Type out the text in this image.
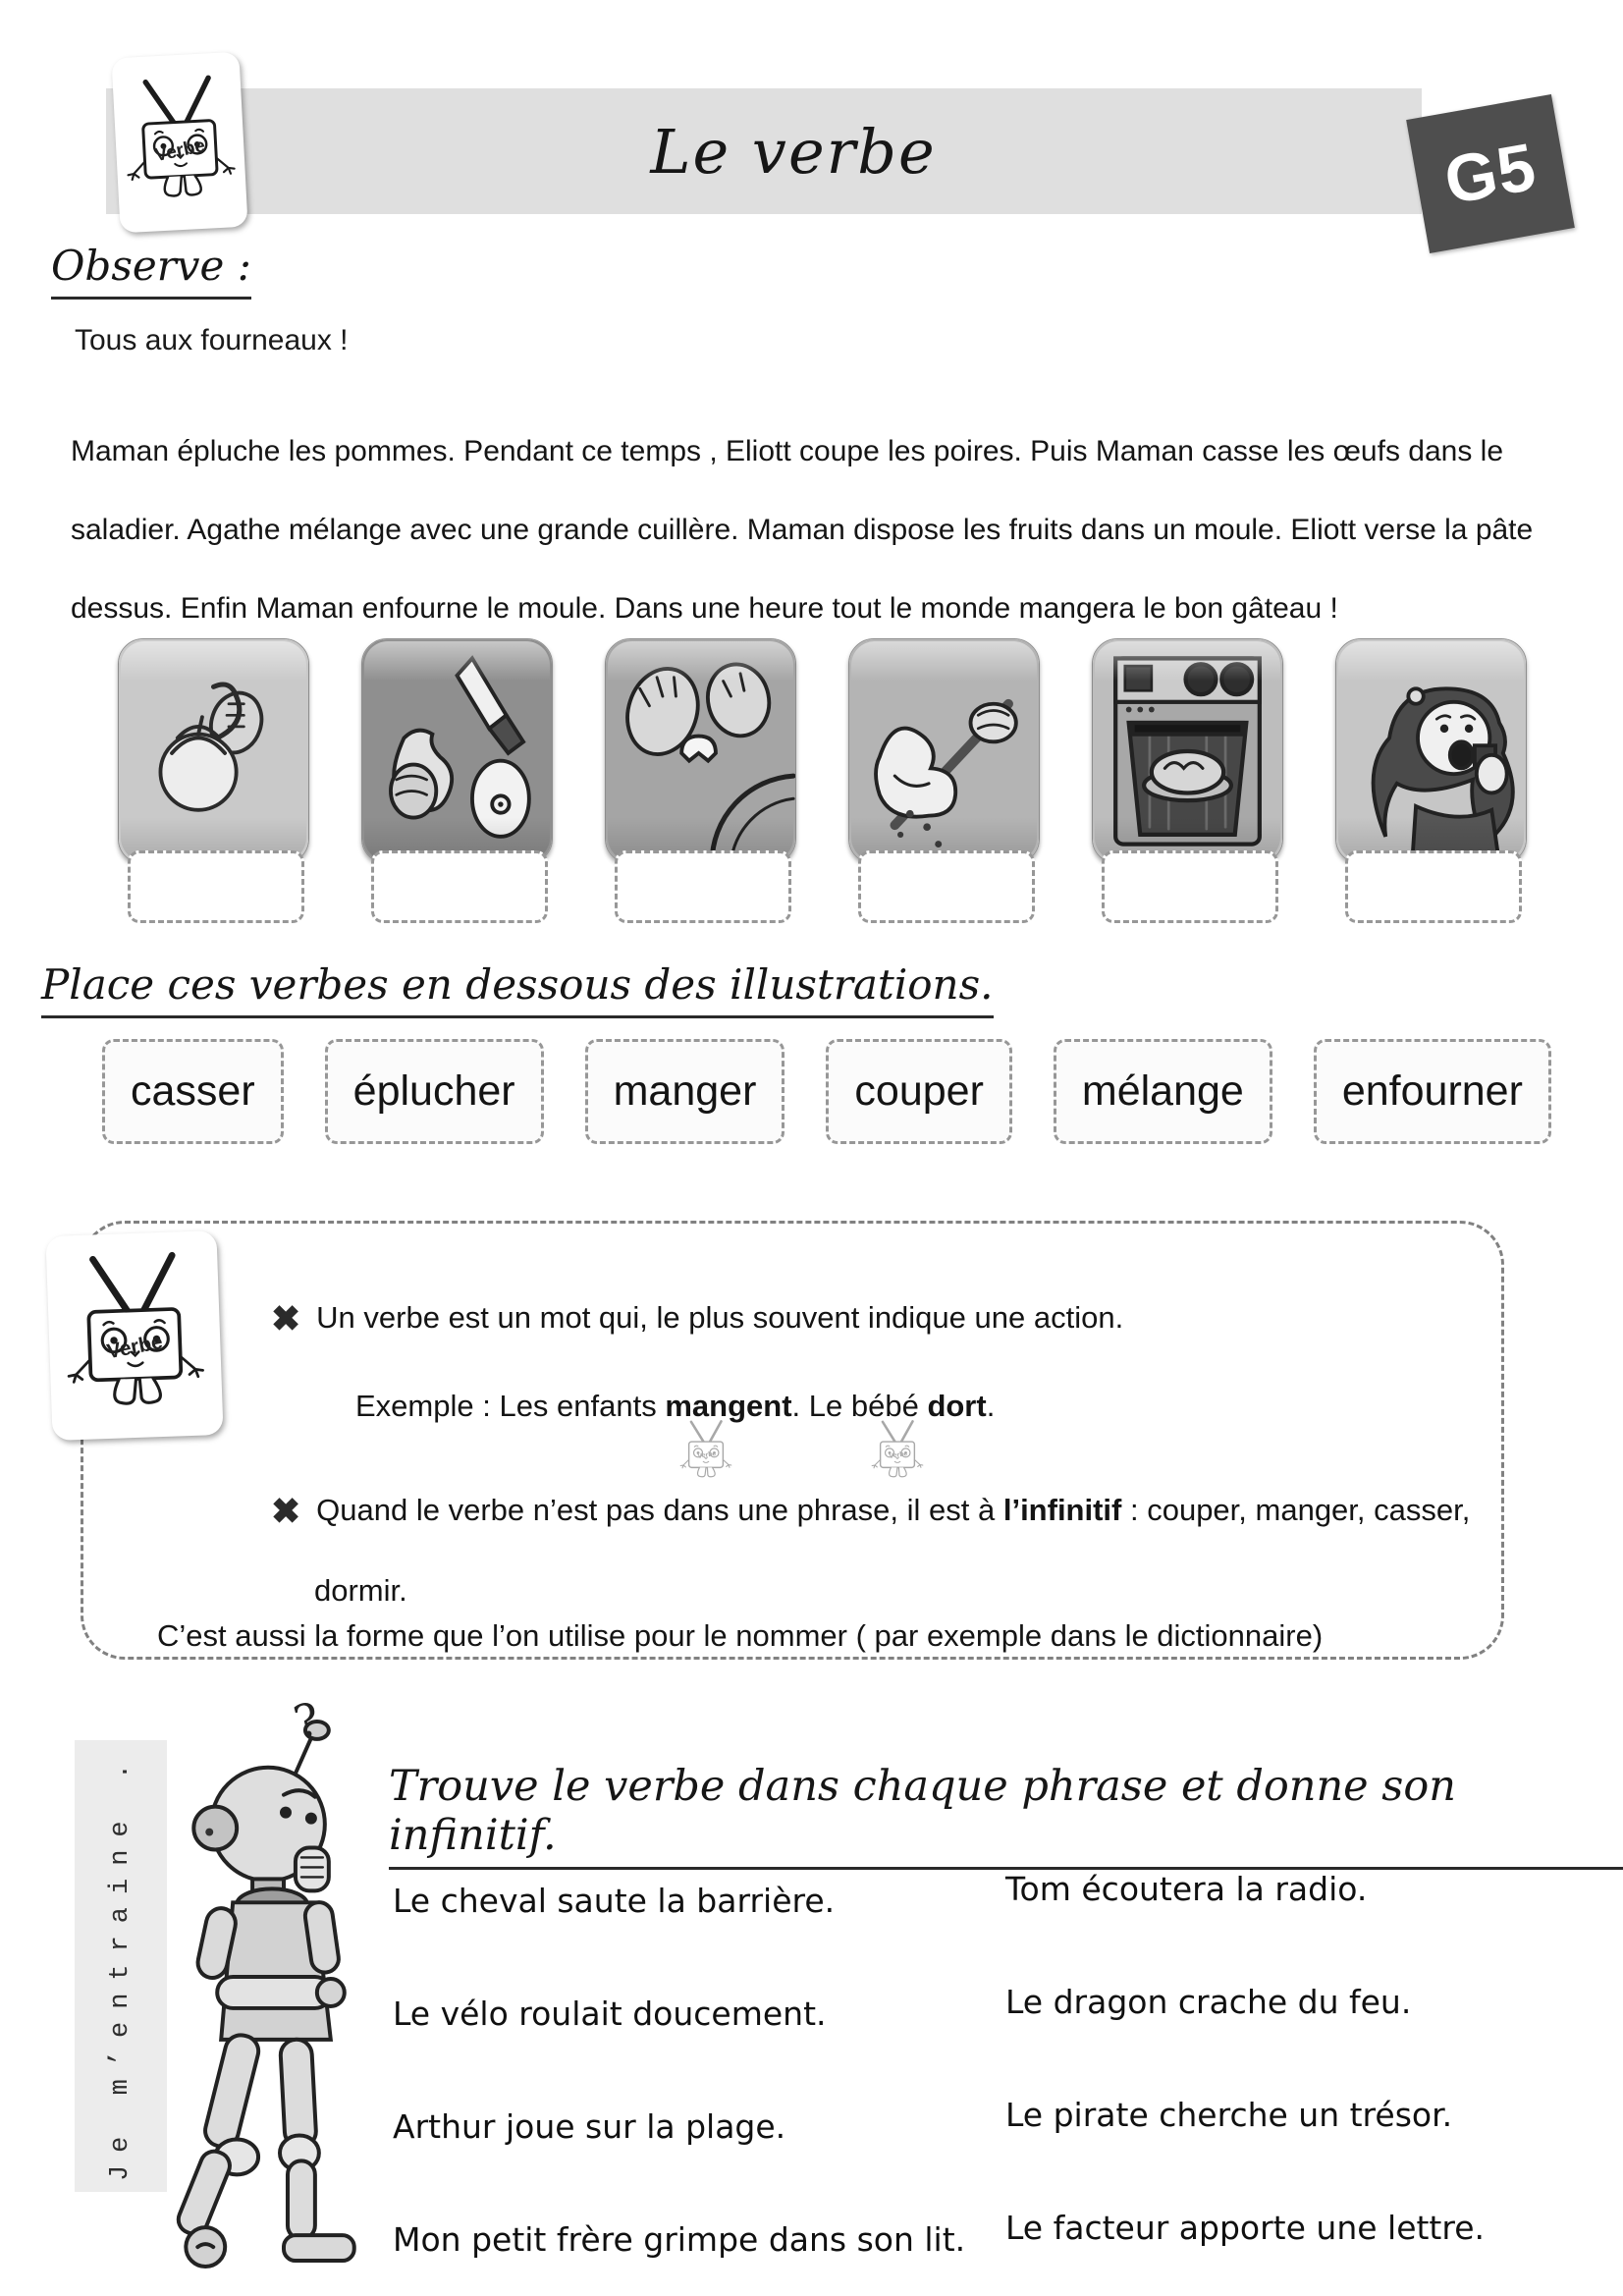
Le verbe
Verbe	G5
Observe :
Tous aux fourneaux !
Maman épluche les pommes. Pendant ce temps , Eliott coupe les poires. Puis Maman casse les œufs dans le saladier. Agathe mélange avec une grande cuillère. Maman dispose les fruits dans un moule. Eliott verse la pâte dessus. Enfin Maman enfourne le moule. Dans une heure tout le monde mangera le bon gâteau !
Place ces verbes en dessous des illustrations.
casser	éplucher	manger	couper	mélange	enfourner
Verbe
✖ Un verbe est un mot qui, le plus souvent indique une action.
Exemple : Les enfants mangent. Le bébé dort.
Verbe	Verbe
✖ Quand le verbe n’est pas dans une phrase, il est à l’infinitif : couper, manger, casser,
dormir.
C’est aussi la forme que l’on utilise pour le nommer ( par exemple dans le dictionnaire)
Je m’entraine .
?
Trouve le verbe dans chaque phrase et donne son infinitif.

Le cheval saute la barrière.

Le vélo roulait doucement.

Arthur joue sur la plage.

Mon petit frère grimpe dans son lit.

Tom écoutera la radio.

Le dragon crache du feu.

Le pirate cherche un trésor.

Le facteur apporte une lettre.
